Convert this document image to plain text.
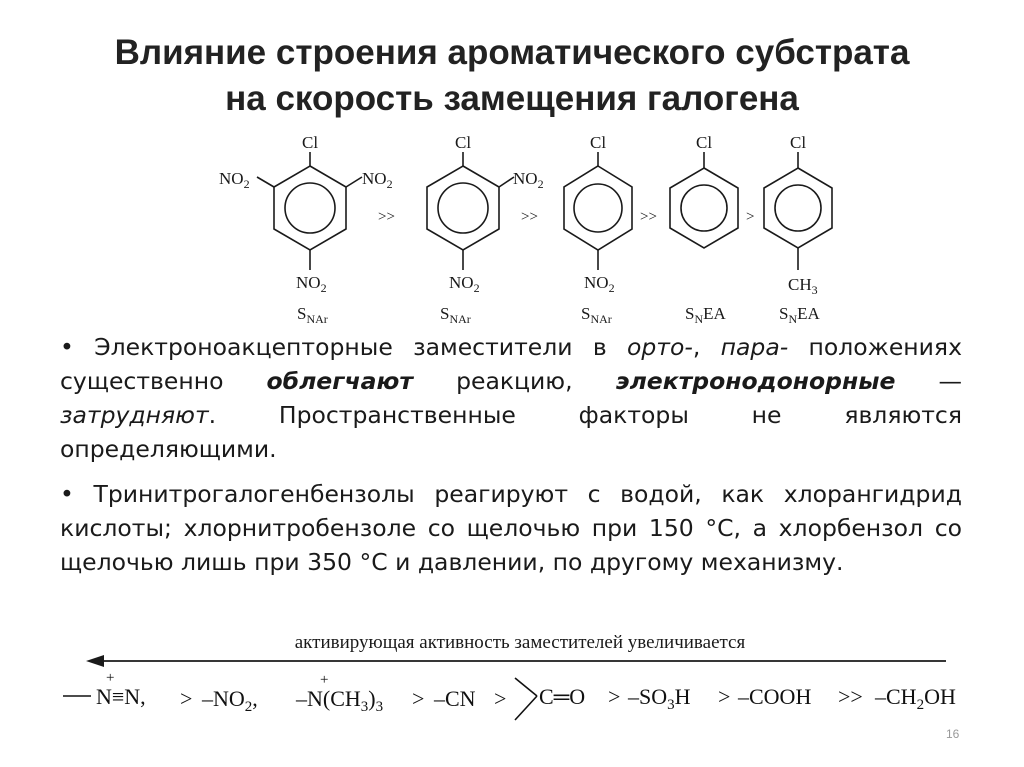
Влияние строения ароматического субстрата
на скорость замещения галогена
Cl
$NO_2$	$NO_2$
$NO_2$
$S_{NAr}$
>>
Cl
$NO_2$
$NO_2$
$S_{NAr}$
>>
Cl
$NO_2$
$S_{NAr}$
>>
Cl
$S_NEA$
>
Cl
$CH_3$
$S_NEA$
активирующая активность заместителей увеличивается
+
N≡N, > $-NO_2$,
+
$-N(CH_3)_3 > -CN$ > C═O > $-SO_3H$ > –COOH >> $-CH_2OH$

• Электроноакцепторные заместители в орто-, пара- положениях существенно облегчают реакцию, электронодонорные — затрудняют. Пространственные факторы не являются определяющими.

• Тринитрогалогенбензолы реагируют с водой, как хлорангидрид кислоты; хлорнитробензоле со щелочью при 150 °С, а хлорбензол со щелочью лишь при 350 °С и давлении, по другому механизму.

16
